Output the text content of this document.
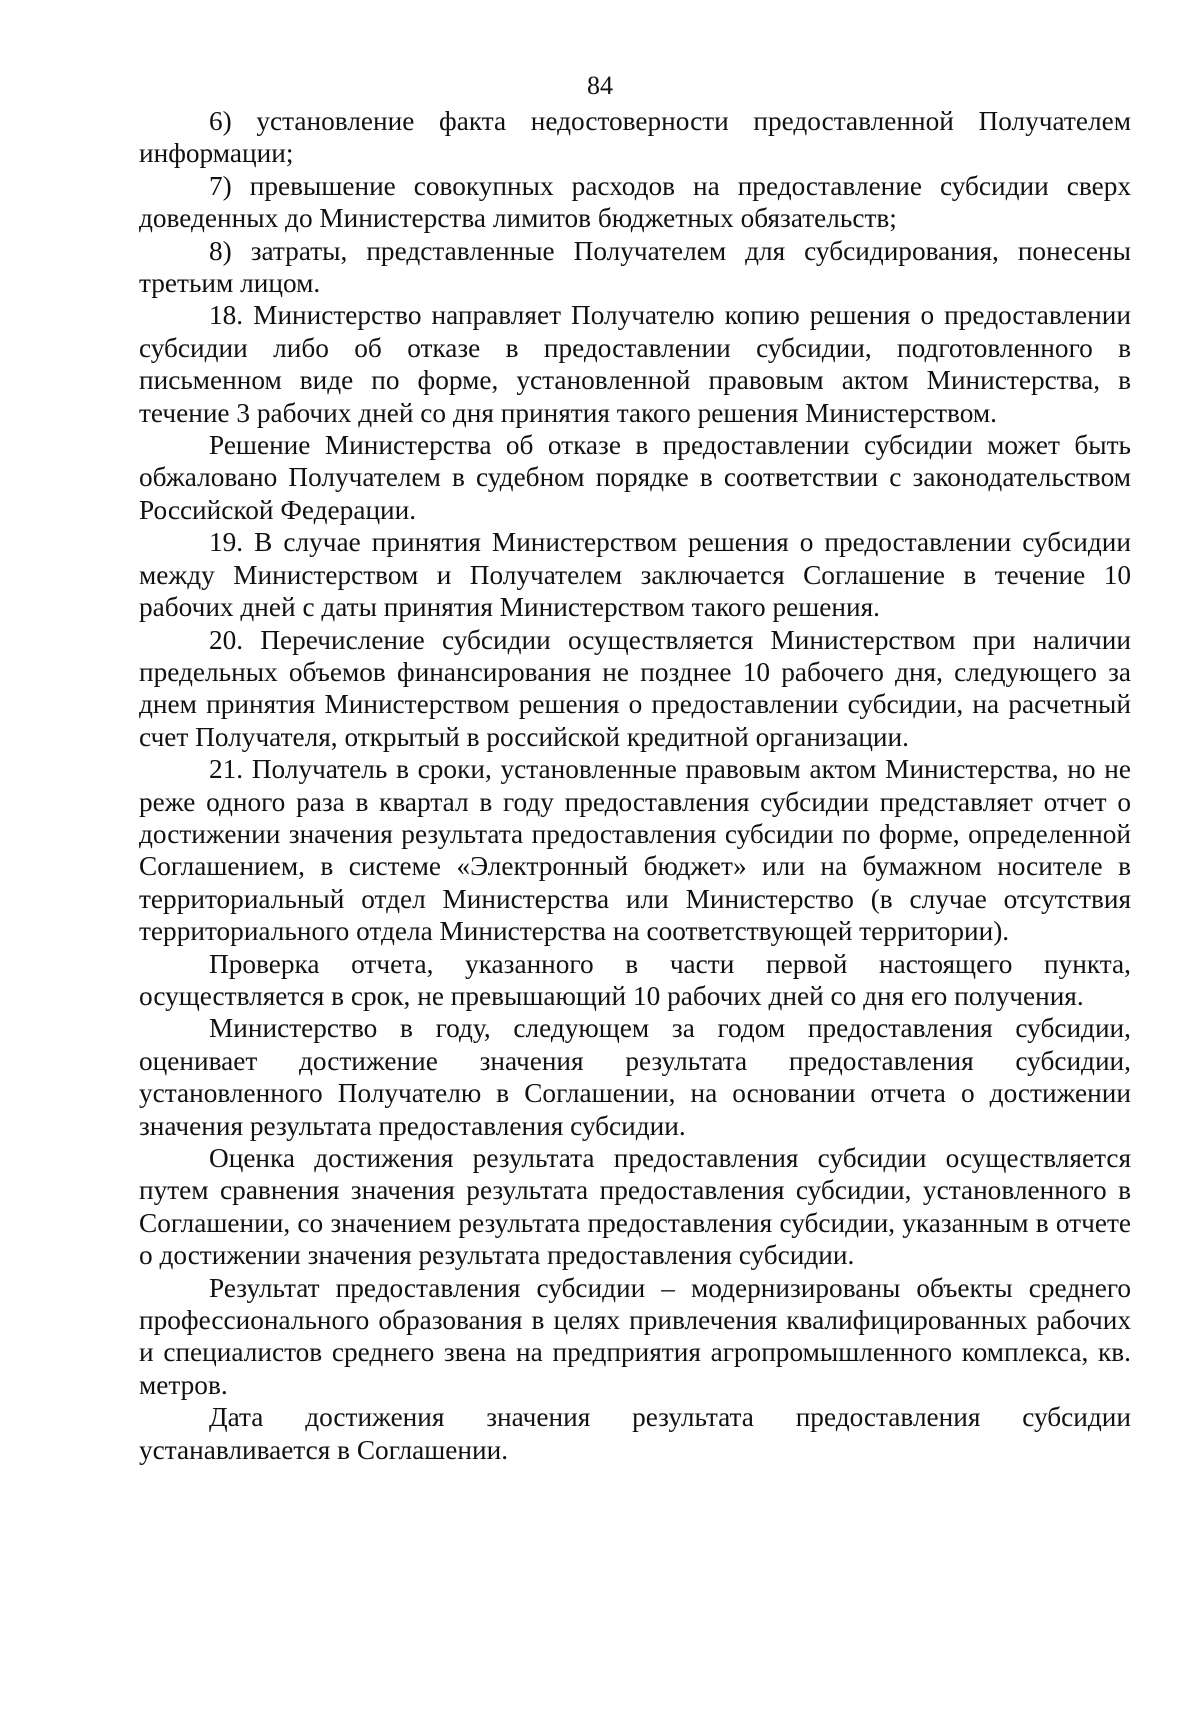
84

6) установление факта недостоверности предоставленной Получателем информации;

7) превышение совокупных расходов на предоставление субсидии сверх доведенных до Министерства лимитов бюджетных обязательств;

8) затраты, представленные Получателем для субсидирования, понесены третьим лицом.

18. Министерство направляет Получателю копию решения о предоставлении субсидии либо об отказе в предоставлении субсидии, подготовленного в письменном виде по форме, установленной правовым актом Министерства, в течение 3 рабочих дней со дня принятия такого решения Министерством.

Решение Министерства об отказе в предоставлении субсидии может быть обжаловано Получателем в судебном порядке в соответствии с законодательством Российской Федерации.

19. В случае принятия Министерством решения о предоставлении субсидии между Министерством и Получателем заключается Соглашение в течение 10 рабочих дней с даты принятия Министерством такого решения.

20. Перечисление субсидии осуществляется Министерством при наличии предельных объемов финансирования не позднее 10 рабочего дня, следующего за днем принятия Министерством решения о предоставлении субсидии, на расчетный счет Получателя, открытый в российской кредитной организации.

21. Получатель в сроки, установленные правовым актом Министерства, но не реже одного раза в квартал в году предоставления субсидии представляет отчет о достижении значения результата предоставления субсидии по форме, определенной Соглашением, в системе «Электронный бюджет» или на бумажном носителе в территориальный отдел Министерства или Министерство (в случае отсутствия территориального отдела Министерства на соответствующей территории).

Проверка отчета, указанного в части первой настоящего пункта, осуществляется в срок, не превышающий 10 рабочих дней со дня его получения.

Министерство в году, следующем за годом предоставления субсидии, оценивает достижение значения результата предоставления субсидии, установленного Получателю в Соглашении, на основании отчета о достижении значения результата предоставления субсидии.

Оценка достижения результата предоставления субсидии осуществляется путем сравнения значения результата предоставления субсидии, установленного в Соглашении, со значением результата предоставления субсидии, указанным в отчете о достижении значения результата предоставления субсидии.

Результат предоставления субсидии – модернизированы объекты среднего профессионального образования в целях привлечения квалифицированных рабочих и специалистов среднего звена на предприятия агропромышленного комплекса, кв. метров.

Дата достижения значения результата предоставления субсидии устанавливается в Соглашении.
